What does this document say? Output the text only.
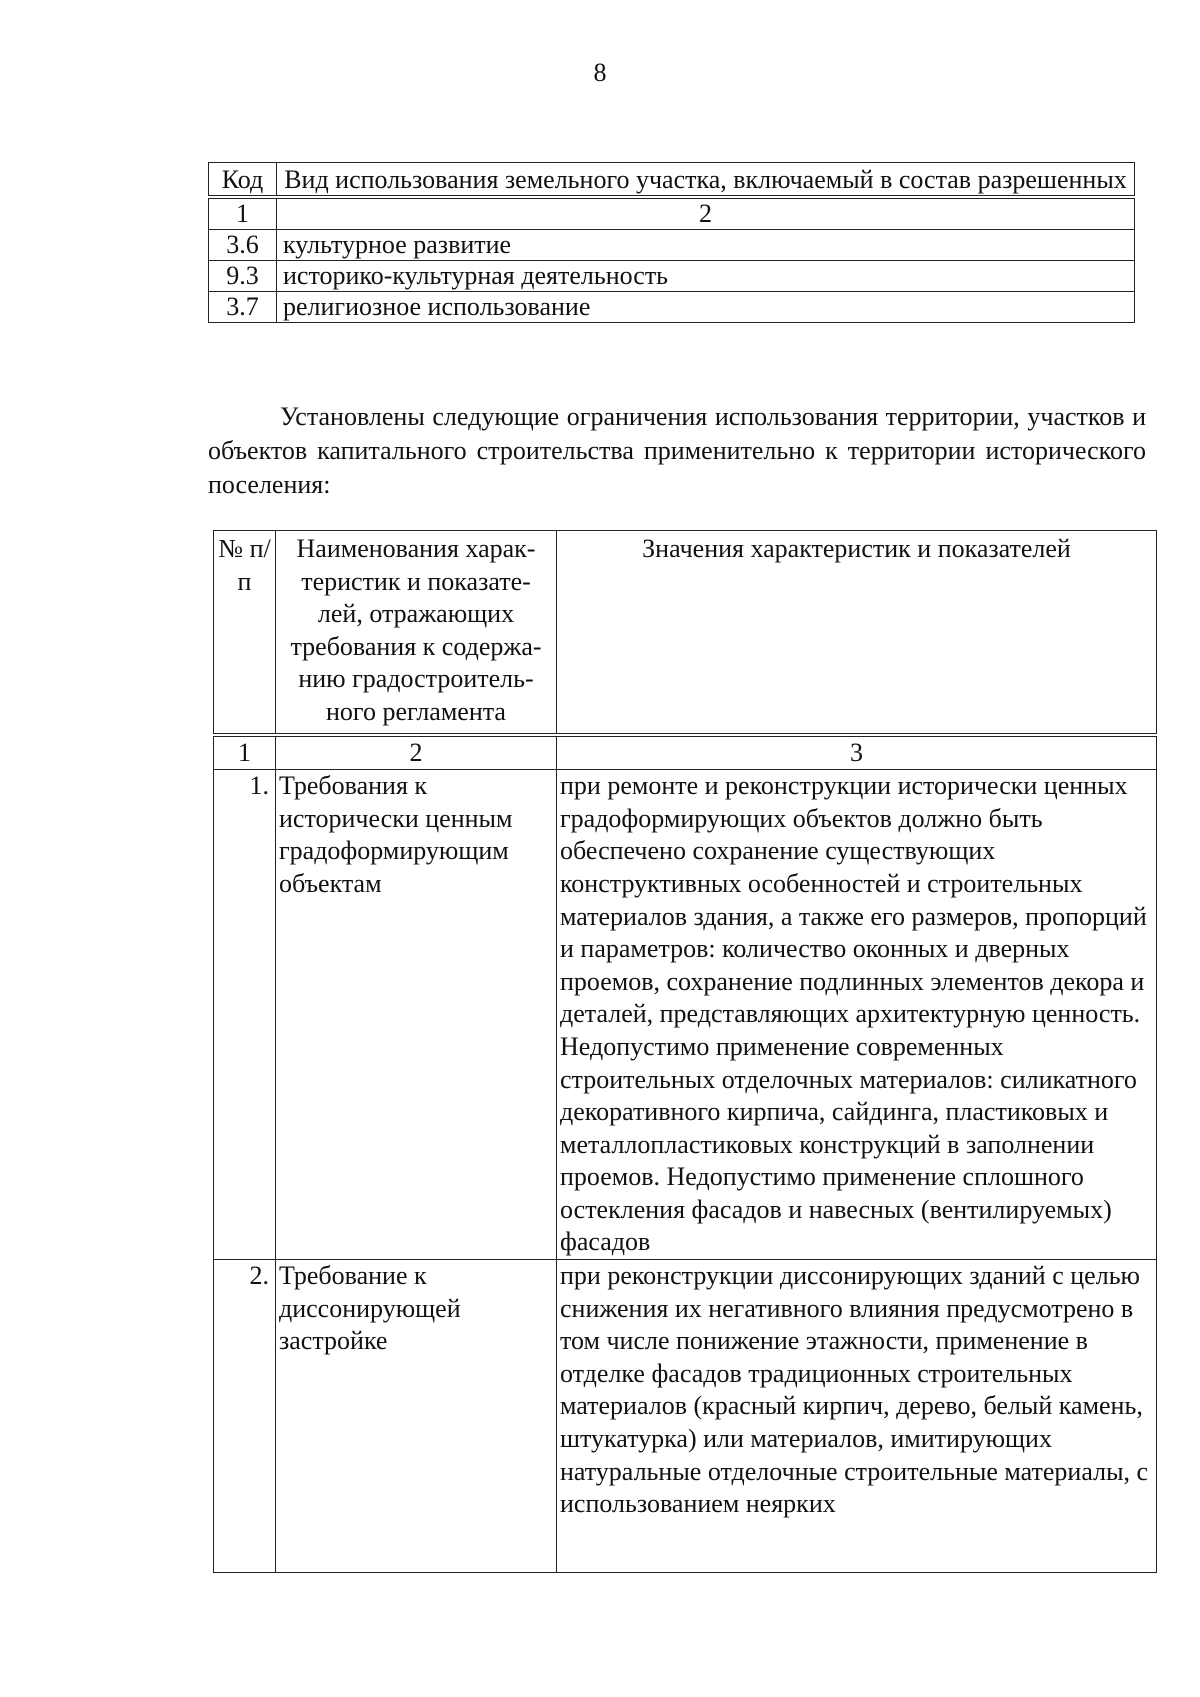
8
Код	Вид использования земельного участка, включаемый в состав разрешенных
1	2
3.6	культурное развитие
9.3	историко-культурная деятельность
3.7	религиозное использование

Установлены следующие ограничения использования территории, участков и объектов капитального строительства применительно к территории исторического поселения:

№ п/п	Наименования харак-теристик и показате-лей, отражающих требования к содержа-нию градостроитель-ного регламента	Значения характеристик и показателей
1	2	3
1.	Требования к исторически ценным градоформирующим объектам	при ремонте и реконструкции исторически ценных градоформирующих объектов должно быть обеспечено сохранение существующих конструктивных особенностей и строительных материалов здания, а также его размеров, пропорций и параметров: количество оконных и дверных проемов, сохранение подлинных элементов декора и деталей, представляющих архитектурную ценность. Недопустимо применение современных строительных отделочных материалов: силикатного декоративного кирпича, сайдинга, пластиковых и металлопластиковых конструкций в заполнении проемов. Недопустимо применение сплошного остекления фасадов и навесных (вентилируемых) фасадов
2.	Требование к диссонирующей застройке	при реконструкции диссонирующих зданий с целью снижения их негативного влияния предусмотрено в том числе понижение этажности, применение в отделке фасадов традиционных строительных материалов (красный кирпич, дерево, белый камень, штукатурка) или материалов, имитирующих натуральные отделочные строительные материалы, с использованием неярких
